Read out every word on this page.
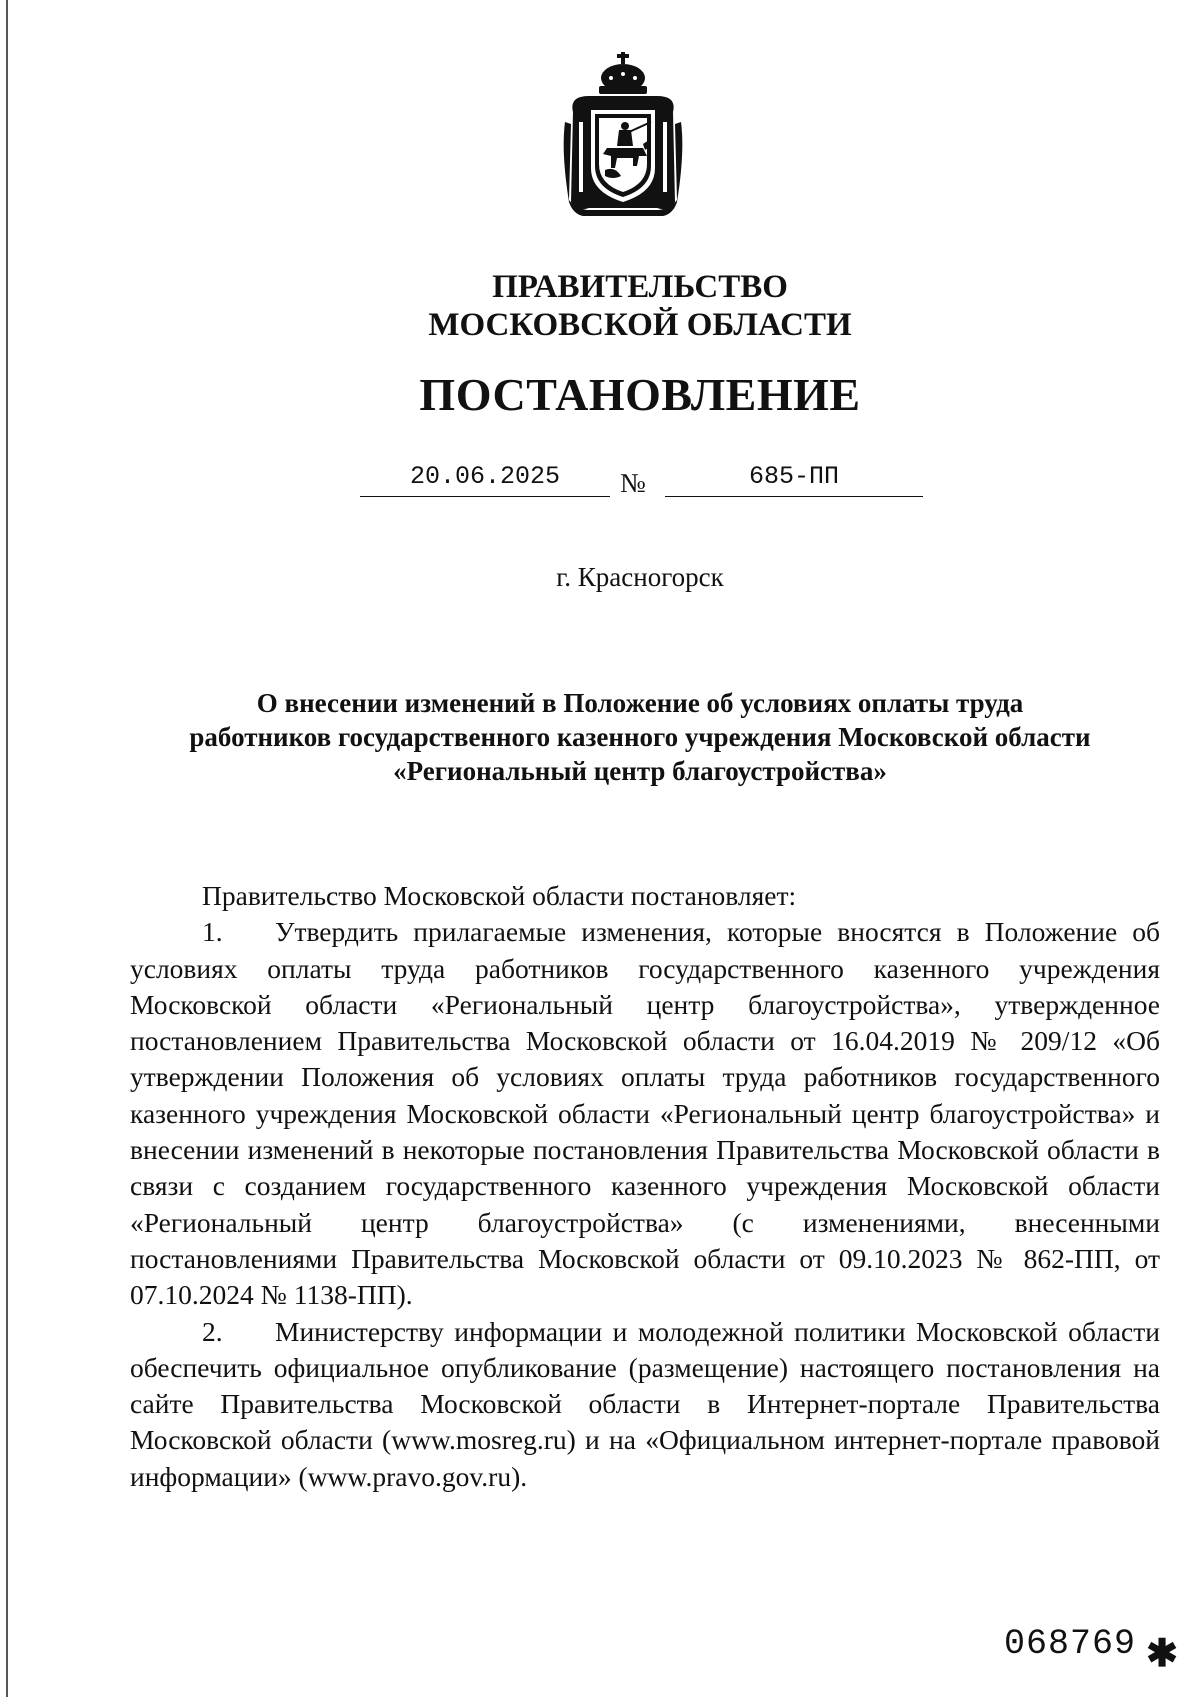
ПРАВИТЕЛЬСТВО
МОСКОВСКОЙ ОБЛАСТИ
ПОСТАНОВЛЕНИЕ
20.06.2025	№	685-ПП
г. Красногорск
О внесении изменений в Положение об условиях оплаты труда
работников государственного казенного учреждения Московской области
«Региональный центр благоустройства»

Правительство Московской области постановляет:

1. Утвердить прилагаемые изменения, которые вносятся в Положение об условиях оплаты труда работников государственного казенного учреждения Московской области «Региональный центр благоустройства», утвержденное постановлением Правительства Московской области от 16.04.2019 № 209/12 «Об утверждении Положения об условиях оплаты труда работников государственного казенного учреждения Московской области «Региональный центр благоустройства» и внесении изменений в некоторые постановления Правительства Московской области в связи с созданием государственного казенного учреждения Московской области «Региональный центр благоустройства» (с изменениями, внесенными постановлениями Правительства Московской области от 09.10.2023 № 862-ПП, от 07.10.2024 № 1138-ПП).

2. Министерству информации и молодежной политики Московской области обеспечить официальное опубликование (размещение) настоящего постановления на сайте Правительства Московской области в Интернет-портале Правительства Московской области (www.mosreg.ru) и на «Официальном интернет-портале правовой информации» (www.pravo.gov.ru).

068769 ✱
